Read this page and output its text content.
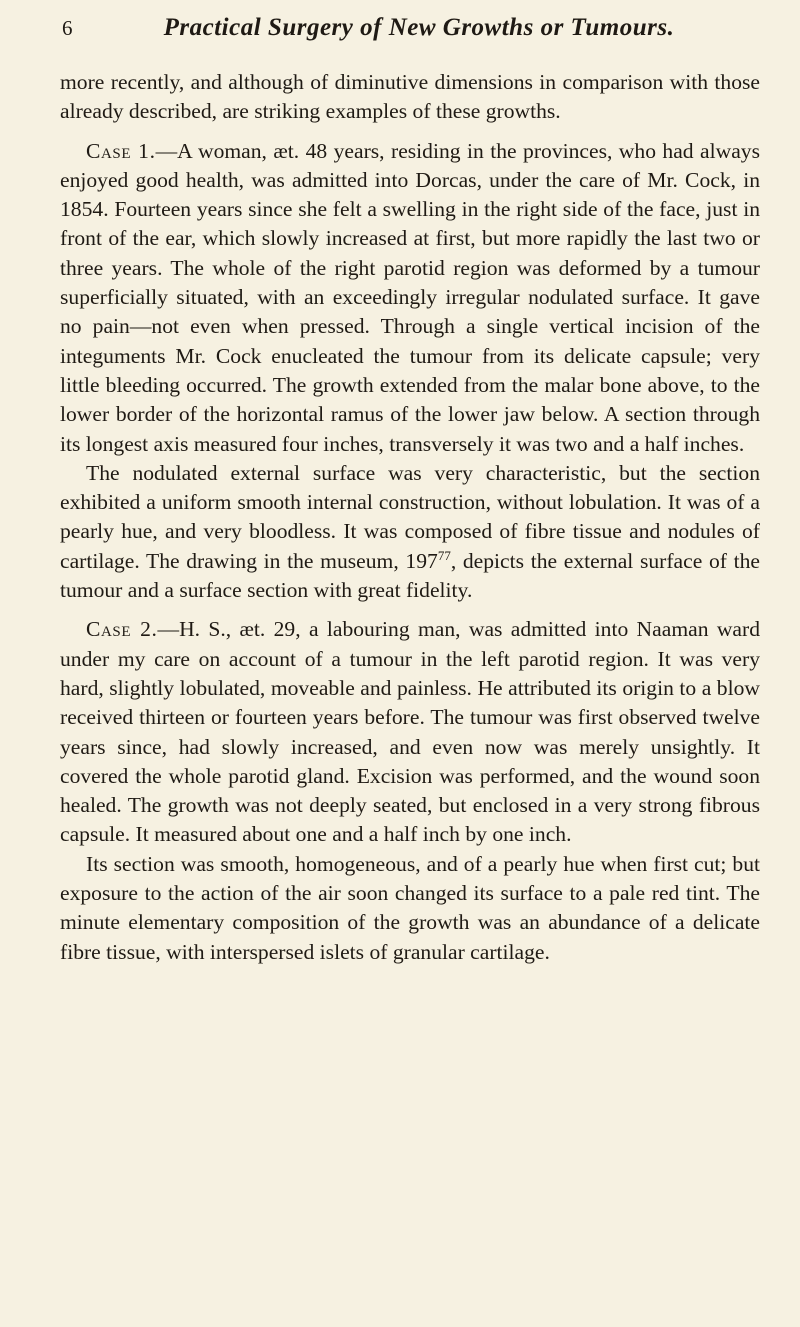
6	Practical Surgery of New Growths or Tumours.

more recently, and although of diminutive dimensions in comparison with those already described, are striking examples of these growths.

Case 1.—A woman, æt. 48 years, residing in the provinces, who had always enjoyed good health, was admitted into Dorcas, under the care of Mr. Cock, in 1854. Fourteen years since she felt a swelling in the right side of the face, just in front of the ear, which slowly increased at first, but more rapidly the last two or three years. The whole of the right parotid region was deformed by a tumour superficially situated, with an exceedingly irregular nodulated surface. It gave no pain—not even when pressed. Through a single vertical incision of the integuments Mr. Cock enucleated the tumour from its delicate capsule; very little bleeding occurred. The growth extended from the malar bone above, to the lower border of the horizontal ramus of the lower jaw below. A section through its longest axis measured four inches, transversely it was two and a half inches.

The nodulated external surface was very characteristic, but the section exhibited a uniform smooth internal construction, without lobulation. It was of a pearly hue, and very bloodless. It was composed of fibre tissue and nodules of cartilage. The drawing in the museum, $197^{77}$, depicts the external surface of the tumour and a surface section with great fidelity.

Case 2.—H. S., æt. 29, a labouring man, was admitted into Naaman ward under my care on account of a tumour in the left parotid region. It was very hard, slightly lobulated, moveable and painless. He attributed its origin to a blow received thirteen or fourteen years before. The tumour was first observed twelve years since, had slowly increased, and even now was merely unsightly. It covered the whole parotid gland. Excision was performed, and the wound soon healed. The growth was not deeply seated, but enclosed in a very strong fibrous capsule. It measured about one and a half inch by one inch.

Its section was smooth, homogeneous, and of a pearly hue when first cut; but exposure to the action of the air soon changed its surface to a pale red tint. The minute elementary composition of the growth was an abundance of a delicate fibre tissue, with interspersed islets of granular cartilage.
